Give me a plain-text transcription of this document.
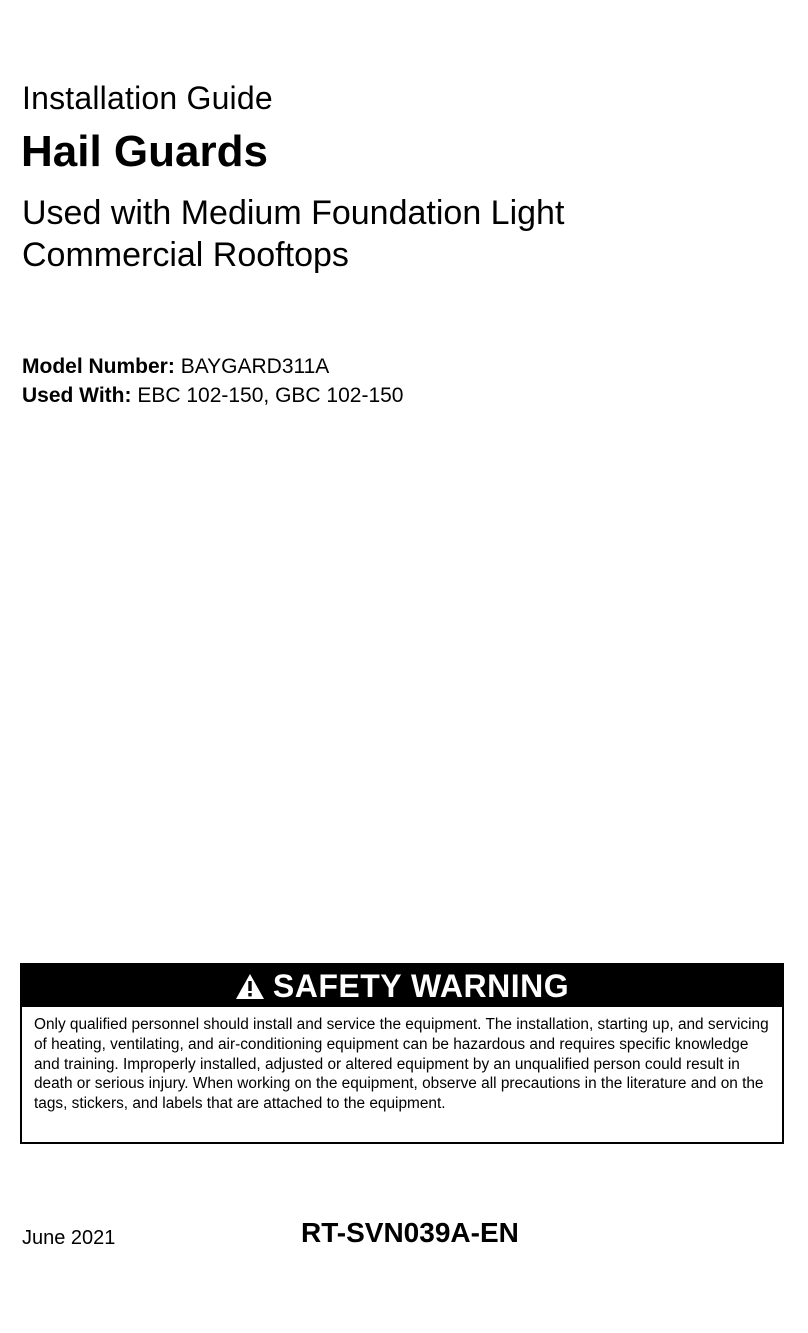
Installation Guide
Hail Guards
Used with Medium Foundation Light
Commercial Rooftops
Model Number: BAYGARD311A
Used With: EBC 102-150, GBC 102-150
SAFETY WARNING
Only qualified personnel should install and service the equipment. The installation, starting up, and servicing of heating, ventilating, and air-conditioning equipment can be hazardous and requires specific knowledge and training. Improperly installed, adjusted or altered equipment by an unqualified person could result in death or serious injury. When working on the equipment, observe all precautions in the literature and on the tags, stickers, and labels that are attached to the equipment.
June 2021	RT-SVN039A-EN
